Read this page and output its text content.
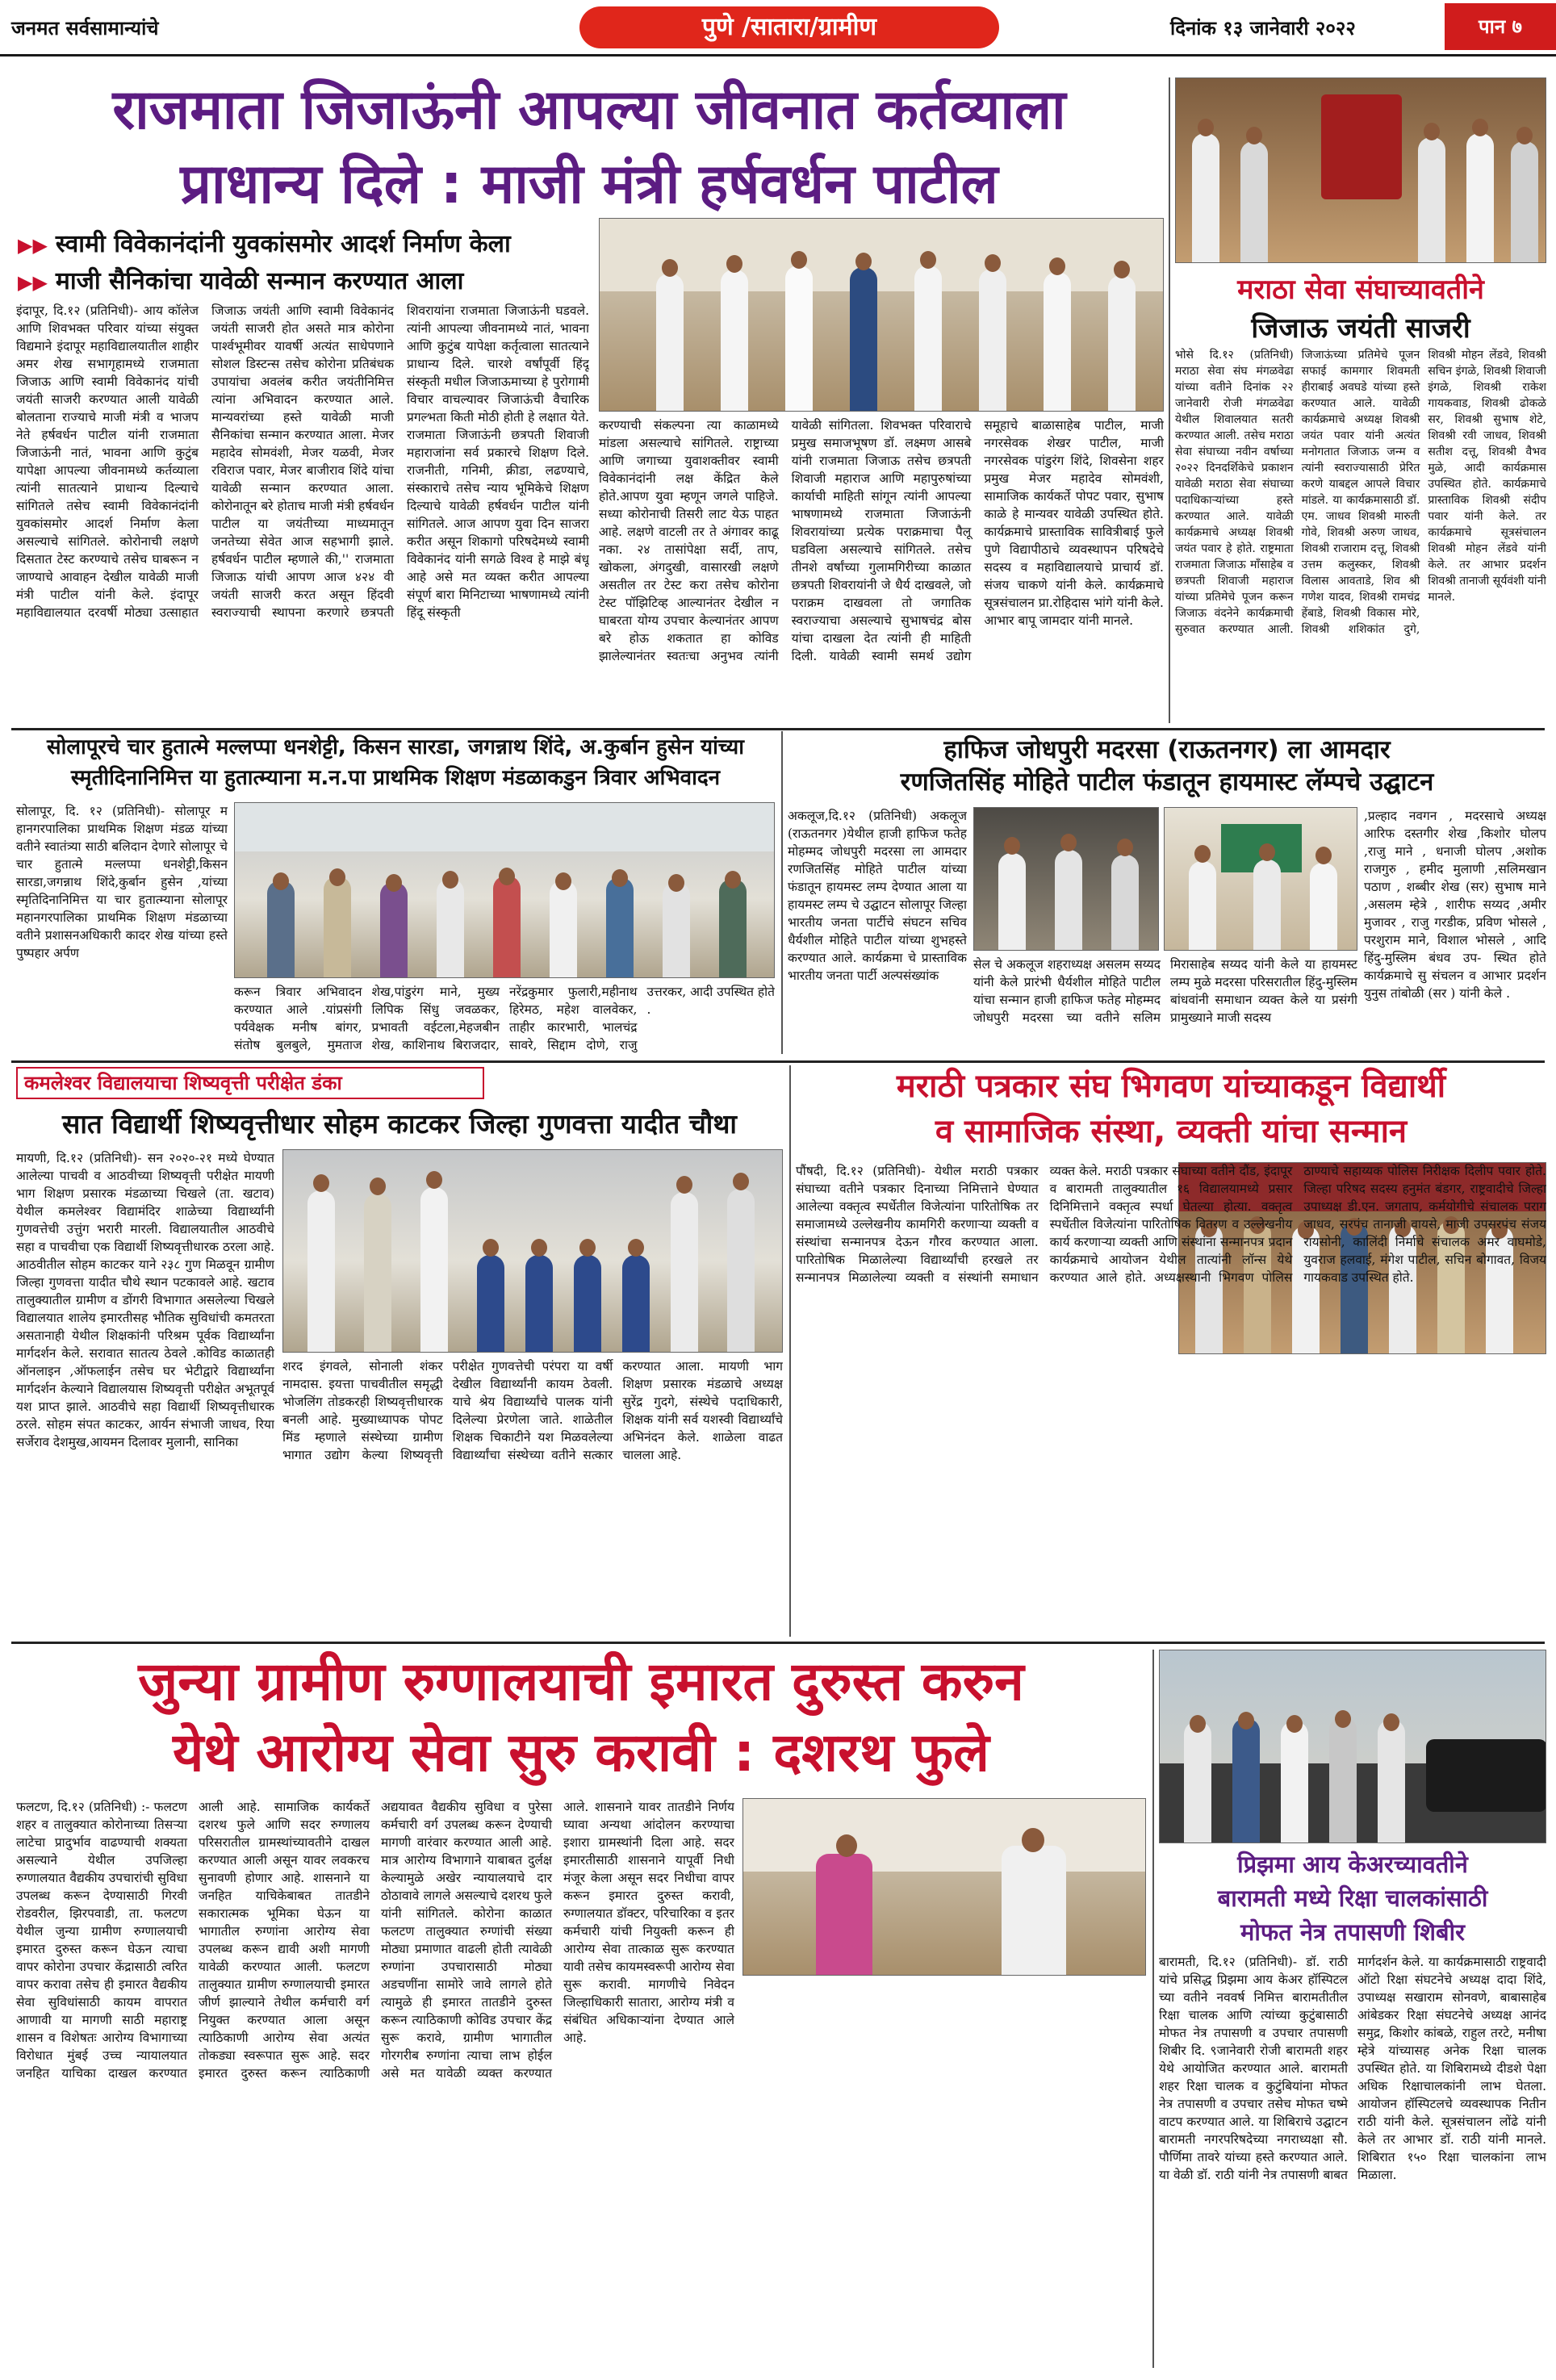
जनमत सर्वसामान्यांचे	पुणे /सातारा/ग्रामीण	दिनांक १३ जानेवारी २०२२	पान ७
राजमाता जिजाऊंनी आपल्या जीवनात कर्तव्याला
प्राधान्य दिले : माजी मंत्री हर्षवर्धन पाटील
▶▶ स्वामी विवेकानंदांनी युवकांसमोर आदर्श निर्माण केला
▶▶ माजी सैनिकांचा यावेळी सन्मान करण्यात आला
इंदापूर, दि.१२ (प्रतिनिधी)- आय कॉलेज आणि शिवभक्त परिवार यांच्या संयुक्त विद्यमाने इंदापूर महाविद्यालयातील शाहीर अमर शेख सभागृहामध्ये राजमाता जिजाऊ आणि स्वामी विवेकानंद यांची जयंती साजरी करण्यात आली यावेळी बोलताना राज्याचे माजी मंत्री व भाजप नेते हर्षवर्धन पाटील यांनी राजमाता जिजाऊंनी नातं, भावना आणि कुटुंब यापेक्षा आपल्या जीवनामध्ये कर्तव्याला त्यांनी सातत्याने प्राधान्य दिल्याचे सांगितले तसेच स्वामी विवेकानंदांनी युवकांसमोर आदर्श निर्माण केला असल्याचे सांगितले. कोरोनाची लक्षणे दिसतात टेस्ट करण्याचे तसेच घाबरून न जाण्याचे आवाहन देखील यावेळी माजी मंत्री पाटील यांनी केले. इंदापूर महाविद्यालयात दरवर्षी मोठ्या उत्साहात जिजाऊ जयंती आणि स्वामी विवेकानंद जयंती साजरी होत असते मात्र कोरोना पार्श्वभूमीवर यावर्षी अत्यंत साधेपणाने सोशल डिस्टन्स तसेच कोरोना प्रतिबंधक उपायांचा अवलंब करीत जयंतीनिमित्त त्यांना अभिवादन करण्यात आले. मान्यवरांच्या हस्ते यावेळी माजी सैनिकांचा सन्मान करण्यात आला. मेजर महादेव सोमवंशी, मेजर यळवी, मेजर रविराज पवार, मेजर बाजीराव शिंदे यांचा यावेळी सन्मान करण्यात आला. कोरोनातून बरे होताच माजी मंत्री हर्षवर्धन पाटील या जयंतीच्या माध्यमातून जनतेच्या सेवेत आज सहभागी झाले. हर्षवर्धन पाटील म्हणाले की,'' राजमाता जिजाऊ यांची आपण आज ४२४ वी जयंती साजरी करत असून हिंदवी स्वराज्याची स्थापना करणारे छत्रपती शिवरायांना राजमाता जिजाऊंनी घडवले. त्यांनी आपल्या जीवनामध्ये नातं, भावना आणि कुटुंब यापेक्षा कर्तृत्वाला सातत्याने प्राधान्य दिले. चारशे वर्षांपूर्वी हिंदू संस्कृती मधील जिजाऊमाच्या हे पुरोगामी विचार वाचल्यावर जिजाऊंची वैचारिक प्रगल्भता किती मोठी होती हे लक्षात येते. राजमाता जिजाऊंनी छत्रपती शिवाजी महाराजांना सर्व प्रकारचे शिक्षण दिले. राजनीती, गनिमी, क्रीडा, लढण्याचे, संस्काराचे तसेच न्याय भूमिकेचे शिक्षण दिल्याचे यावेळी हर्षवर्धन पाटील यांनी सांगितले. आज आपण युवा दिन साजरा करीत असून शिकागो परिषदेमध्ये स्वामी विवेकानंद यांनी सगळे विश्व हे माझे बंधू आहे असे मत व्यक्त करीत आपल्या संपूर्ण बारा मिनिटाच्या भाषणामध्ये त्यांनी हिंदू संस्कृती
करण्याची संकल्पना त्या काळामध्ये मांडला असल्याचे सांगितले. राष्ट्राच्या आणि जगाच्या युवाशक्तीवर स्वामी विवेकानंदांनी लक्ष केंद्रित केले होते.आपण युवा म्हणून जगले पाहिजे. सध्या कोरोनाची तिसरी लाट येऊ पाहत आहे. लक्षणे वाटली तर ते अंगावर काढू नका. २४ तासांपेक्षा सर्दी, ताप, खोकला, अंगदुखी, वासारखी लक्षणे असतील तर टेस्ट करा तसेच कोरोना टेस्ट पॉझिटिव्ह आल्यानंतर देखील न घाबरता योग्य उपचार केल्यानंतर आपण बरे होऊ शकतात हा कोविड झालेल्यानंतर स्वतःचा अनुभव त्यांनी यावेळी सांगितला. शिवभक्त परिवाराचे प्रमुख समाजभूषण डॉ. लक्ष्मण आसबे यांनी राजमाता जिजाऊ तसेच छत्रपती शिवाजी महाराज आणि महापुरुषांच्या कार्याची माहिती सांगून त्यांनी आपल्या भाषणामध्ये राजमाता जिजाऊंनी शिवरायांच्या प्रत्येक पराक्रमाचा पैलू घडविला असल्याचे सांगितले. तसेच तीनशे वर्षांच्या गुलामगिरीच्या काळात छत्रपती शिवरायांनी जे धैर्य दाखवले, जो पराक्रम दाखवला तो जगातिक स्वराज्याचा असल्याचे सुभाषचंद्र बोस यांचा दाखला देत त्यांनी ही माहिती दिली. यावेळी स्वामी समर्थ उद्योग समूहाचे बाळासाहेब पाटील, माजी नगरसेवक शेखर पाटील, माजी नगरसेवक पांडुरंग शिंदे, शिवसेना शहर प्रमुख मेजर महादेव सोमवंशी, सामाजिक कार्यकर्ते पोपट पवार, सुभाष काळे हे मान्यवर यावेळी उपस्थित होते. कार्यक्रमाचे प्रास्ताविक सावित्रीबाई फुले पुणे विद्यापीठाचे व्यवस्थापन परिषदेचे सदस्य व महाविद्यालयाचे प्राचार्य डॉ. संजय चाकणे यांनी केले. कार्यक्रमाचे सूत्रसंचालन प्रा.रोहिदास भांगे यांनी केले. आभार बापू जामदार यांनी मानले.
मराठा सेवा संघाच्यावतीने
जिजाऊ जयंती साजरी
भोसे दि.१२ (प्रतिनिधी) मराठा सेवा संघ मंगळवेढा यांच्या वतीने दिनांक २२ जानेवारी रोजी मंगळवेढा येथील शिवालयात सतरी करण्यात आली. तसेच मराठा सेवा संघाच्या नवीन वर्षाच्या २०२२ दिनदर्शिकेचे प्रकाशन यावेळी मराठा सेवा संघाच्या पदाधिकाऱ्यांच्या हस्ते करण्यात आले. यावेळी कार्यक्रमाचे अध्यक्ष शिवश्री जयंत पवार हे होते. राष्ट्रमाता राजमाता जिजाऊ माँसाहेब व छत्रपती शिवाजी महाराज यांच्या प्रतिमेचे पूजन करून जिजाऊ वंदनेने कार्यक्रमाची सुरुवात करण्यात आली. जिजाऊंच्या प्रतिमेचे पूजन सफाई कामगार शिवमती हीराबाई अवघडे यांच्या हस्ते करण्यात आले. यावेळी कार्यक्रमाचे अध्यक्ष शिवश्री जयंत पवार यांनी अत्यंत मनोगतात जिजाऊ जन्म व त्यांनी स्वराज्यासाठी प्रेरित करणे याबद्दल आपले विचार मांडले. या कार्यक्रमासाठी डॉ. एम. जाधव शिवश्री मारुती गोवे, शिवश्री अरुण जाधव, शिवश्री राजाराम दत्तू, शिवश्री उत्तम कलुस्कर, शिवश्री विलास आवताडे, शिव श्री गणेश यादव, शिवश्री रामचंद्र हेंबाडे, शिवश्री विकास मोरे, शिवश्री शशिकांत दुगे, शिवश्री मोहन लेंडवे, शिवश्री सचिन इंगळे, शिवश्री शिवाजी इंगळे, शिवश्री राकेश गायकवाड, शिवश्री ढोकळे सर, शिवश्री सुभाष शेटे, शिवश्री रवी जाधव, शिवश्री सतीश दत्तू, शिवश्री वैभव मुळे, आदी कार्यक्रमास उपस्थित होते. कार्यक्रमाचे प्रास्ताविक शिवश्री संदीप पवार यांनी केले. तर कार्यक्रमाचे सूत्रसंचालन शिवश्री मोहन लेंडवे यांनी केले. तर आभार प्रदर्शन शिवश्री तानाजी सूर्यवंशी यांनी मानले.
सोलापूरचे चार हुतात्मे मल्लप्पा धनशेट्टी, किसन सारडा, जगन्नाथ शिंदे, अ.कुर्बान हुसेन यांच्या
स्मृतीदिनानिमित्त या हुतात्म्याना म.न.पा प्राथमिक शिक्षण मंडळाकडुन त्रिवार अभिवादन
सोलापूर, दि. १२ (प्रतिनिधी)- सोलापूर म हानगरपालिका प्राथमिक शिक्षण मंडळ यांच्या वतीने स्वातंत्र्या साठी बलिदान देणारे सोलापूर चे चार हुतात्मे मल्लप्पा धनशेट्टी,किसन सारडा,जगन्नाथ शिंदे,कुर्बान हुसेन ,यांच्या स्मृतिदिनानिमित्त या चार हुतात्म्याना सोलापूर महानगरपालिका प्राथमिक शिक्षण मंडळाच्या वतीने प्रशासनअधिकारी कादर शेख यांच्या हस्ते पुष्पहार अर्पण
करून त्रिवार अभिवादन करण्यात आले .यांप्रसंगी पर्यवेक्षक मनीष बांगर, संतोष बुलबुले, मुमताज शेख,पांडुरंग माने, मुख्य लिपिक सिंधु जवळकर, प्रभावती वईटला,मेहजबीन शेख, काशिनाथ बिराजदार, नरेंद्रकुमार फुलारी,महीनाथ हिरेमठ, महेश वालवेकर, ताहीर कारभारी, भालचंद्र सावरे, सिद्दाम दोणे, राजु उत्तरकर, आदी उपस्थित होते .
हाफिज जोधपुरी मदरसा (राऊतनगर) ला आमदार
रणजितसिंह मोहिते पाटील फंडातून हायमास्ट लॅम्पचे उद्घाटन
अकलूज,दि.१२ (प्रतिनिधी) अकलूज (राऊतनगर )येथील हाजी हाफिज फतेह मोहम्मद जोधपुरी मदरसा ला आमदार रणजितसिंह मोहिते पाटील यांच्या फंडातून हायमस्ट लम्प देण्यात आला या हायमस्ट लम्प चे उद्घाटन सोलापूर जिल्हा भारतीय जनता पार्टीचे संघटन सचिव धैर्यशील मोहिते पाटील यांच्या शुभहस्ते करण्यात आले. कार्यक्रमा चे प्रास्ताविक भारतीय जनता पार्टी अल्पसंख्यांक
सेल चे अकलूज शहराध्यक्ष असलम सय्यद यांनी केले प्रारंभी धैर्यशील मोहिते पाटील यांचा सन्मान हाजी हाफिज फतेह मोहम्मद जोधपुरी मदरसा च्या वतीने सलिम मिरासाहेब सय्यद यांनी केले या हायमस्ट लम्प मुळे मदरसा परिसरातील हिंदु-मुस्लिम बांधवांनी समाधान व्यक्त केले या प्रसंगी प्रामुख्याने माजी सदस्य
,प्रल्हाद नवगन , मदरसाचे अध्यक्ष आरिफ दस्तगीर शेख ,किशोर घोलप ,राजु माने , धनाजी घोलप ,अशोक राजगुरु , हमीद मुलाणी ,सलिमखान पठाण , शब्बीर शेख (सर) सुभाष माने ,असलम म्हेत्रे , शारीफ सय्यद ,अमीर मुजावर , राजु गरडीक, प्रविण भोसले , परशुराम माने, विशाल भोसले , आदि हिंदु-मुस्लिम बंधव उप- स्थित होते कार्यक्रमाचे सु संचलन व आभार प्रदर्शन युनुस तांबोळी (सर ) यांनी केले .
कमलेश्वर विद्यालयाचा शिष्यवृत्ती परीक्षेत डंका
सात विद्यार्थी शिष्यवृत्तीधार सोहम काटकर जिल्हा गुणवत्ता यादीत चौथा
मायणी, दि.१२ (प्रतिनिधी)- सन २०२०-२१ मध्ये घेण्यात आलेल्या पाचवी व आठवीच्या शिष्यवृत्ती परीक्षेत मायणी भाग शिक्षण प्रसारक मंडळाच्या चिखले (ता. खटाव) येथील कमलेश्वर विद्यामंदिर शाळेच्या विद्यार्थ्यांनी गुणवत्तेची उत्तुंग भरारी मारली. विद्यालयातील आठवीचे सहा व पाचवीचा एक विद्यार्थी शिष्यवृत्तीधारक ठरला आहे. आठवीतील सोहम काटकर याने २३८ गुण मिळवून ग्रामीण जिल्हा गुणवत्ता यादीत चौथे स्थान पटकावले आहे. खटाव तालुक्यातील ग्रामीण व डोंगरी विभागात असलेल्या चिखले विद्यालयात शालेय इमारतीसह भौतिक सुविधांची कमतरता असतानाही येथील शिक्षकांनी परिश्रम पूर्वक विद्यार्थ्यांना मार्गदर्शन केले. सरावात सातत्य ठेवले .कोविड काळातही ऑनलाइन ,ऑफलाईन तसेच घर भेटीद्वारे विद्यार्थ्यांना मार्गदर्शन केल्याने विद्यालयास शिष्यवृत्ती परीक्षेत अभूतपूर्व यश प्राप्त झाले. आठवीचे सहा विद्यार्थी शिष्यवृत्तीधारक ठरले. सोहम संपत काटकर, आर्यन संभाजी जाधव, रिया सर्जेराव देशमुख,आयमन दिलावर मुलानी, सानिका
शरद इंगवले, सोनाली शंकर नामदास. इयत्ता पाचवीतील समृद्धी भोजलिंग तोडकरही शिष्यवृत्तीधारक बनली आहे. मुख्याध्यापक पोपट मिंड म्हणाले संस्थेच्या ग्रामीण भागात उद्योग केल्या शिष्यवृत्ती परीक्षेत गुणवत्तेची परंपरा या वर्षी देखील विद्यार्थ्यांनी कायम ठेवली. याचे श्रेय विद्यार्थ्यांचे पालक यांनी दिलेल्या प्रेरणेला जाते. शाळेतील शिक्षक चिकाटीने यश मिळवलेल्या विद्यार्थ्यांचा संस्थेच्या वतीने सत्कार करण्यात आला. मायणी भाग शिक्षण प्रसारक मंडळाचे अध्यक्ष सुरेंद्र गुदगे, संस्थेचे पदाधिकारी, शिक्षक यांनी सर्व यशस्वी विद्यार्थ्यांचे अभिनंदन केले. शाळेला वाढत चालला आहे.
मराठी पत्रकार संघ भिगवण यांच्याकडून विद्यार्थी
व सामाजिक संस्था, व्यक्ती यांचा सन्मान
पौंषदी, दि.१२ (प्रतिनिधी)- येथील मराठी पत्रकार संघाच्या वतीने पत्रकार दिनाच्या निमित्ताने घेण्यात आलेल्या वक्तृत्व स्पर्धेतील विजेत्यांना पारितोषिक तर समाजामध्ये उल्लेखनीय कामगिरी करणाऱ्या व्यक्ती व संस्थांचा सन्मानपत्र देऊन गौरव करण्यात आला. पारितोषिक मिळालेल्या विद्यार्थ्यांची हरखले तर सन्मानपत्र मिळालेल्या व्यक्ती व संस्थांनी समाधान व्यक्त केले. मराठी पत्रकार संघाच्या वतीने दौंड, इंदापूर व बारामती तालुक्यातील १६ विद्यालयामध्ये प्रसार दिनिमित्ताने वक्तृत्व स्पर्धा घेतल्या होत्या. वक्तृत्व स्पर्धेतील विजेत्यांना पारितोषिक वितरण व उल्लेखनीय कार्य करणाऱ्या व्यक्ती आणि संस्थांना सन्मानपत्र प्रदान कार्यक्रमाचे आयोजन येथील तात्यांनी लॉन्स येथे करण्यात आले होते. अध्यक्षस्थानी भिगवण पोलिस ठाण्याचे सहाय्यक पोलिस निरीक्षक दिलीप पवार होते. जिल्हा परिषद सदस्य हनुमंत बंडगर, राष्ट्रवादीचे जिल्हा उपाध्यक्ष डी.एन. जगताप, कर्मयोगीचे संचालक पराग जाधव, सरपंच तानाजी वायसे, माजी उपसरपंच संजय रायसोनी, कालिंदी निर्माचे संचालक अमर वाघमोडे, युवराज हलवाई, मंगेश पाटील, सचिन बोगावत, विजय गायकवाड उपस्थित होते.
जुन्या ग्रामीण रुग्णालयाची इमारत दुरुस्त करुन
येथे आरोग्य सेवा सुरु करावी : दशरथ फुले
फलटण, दि.१२ (प्रतिनिधी) :- फलटण शहर व तालुक्यात कोरोनाच्या तिसऱ्या लाटेचा प्रादुर्भाव वाढण्याची शक्यता असल्याने येथील उपजिल्हा रुग्णालयात वैद्यकीय उपचारांची सुविधा उपलब्ध करून देण्यासाठी गिरवी रोडवरील, झिरपवाडी, ता. फलटण येथील जुन्या ग्रामीण रुग्णालयाची इमारत दुरुस्त करून घेऊन त्याचा वापर कोरोना उपचार केंद्रासाठी त्वरित वापर करावा तसेच ही इमारत वैद्यकीय सेवा सुविधांसाठी कायम वापरात आणावी या मागणी साठी महाराष्ट्र शासन व विशेषतः आरोग्य विभागाच्या विरोधात मुंबई उच्च न्यायालयात जनहित याचिका दाखल करण्यात आली आहे. सामाजिक कार्यकर्ते दशरथ फुले आणि सदर रुग्णालय परिसरातील ग्रामस्थांच्यावतीने दाखल करण्यात आली असून यावर लवकरच सुनावणी होणार आहे. शासनाने या जनहित याचिकेबाबत तातडीने सकारात्मक भूमिका घेऊन या भागातील रुग्णांना आरोग्य सेवा उपलब्ध करून द्यावी अशी मागणी यावेळी करण्यात आली. फलटण तालुक्यात ग्रामीण रुग्णालयाची इमारत जीर्ण झाल्याने तेथील कर्मचारी वर्ग नियुक्त करण्यात आला असून त्याठिकाणी आरोग्य सेवा अत्यंत तोकड्या स्वरूपात सुरू आहे. सदर इमारत दुरुस्त करून त्याठिकाणी अद्ययावत वैद्यकीय सुविधा व पुरेसा कर्मचारी वर्ग उपलब्ध करून देण्याची मागणी वारंवार करण्यात आली आहे. मात्र आरोग्य विभागाने याबाबत दुर्लक्ष केल्यामुळे अखेर न्यायालयाचे दार ठोठावावे लागले असल्याचे दशरथ फुले यांनी सांगितले. कोरोना काळात फलटण तालुक्यात रुग्णांची संख्या मोठ्या प्रमाणात वाढली होती त्यावेळी रुग्णांना उपचारासाठी मोठ्या अडचणींना सामोरे जावे लागले होते त्यामुळे ही इमारत तातडीने दुरुस्त करून त्याठिकाणी कोविड उपचार केंद्र सुरू करावे, ग्रामीण भागातील गोरगरीब रुग्णांना त्याचा लाभ होईल असे मत यावेळी व्यक्त करण्यात आले. शासनाने यावर तातडीने निर्णय घ्यावा अन्यथा आंदोलन करण्याचा इशारा ग्रामस्थांनी दिला आहे. सदर इमारतीसाठी शासनाने यापूर्वी निधी मंजूर केला असून सदर निधीचा वापर करून इमारत दुरुस्त करावी, रुग्णालयात डॉक्टर, परिचारिका व इतर कर्मचारी यांची नियुक्ती करून ही आरोग्य सेवा तात्काळ सुरू करण्यात यावी तसेच कायमस्वरूपी आरोग्य सेवा सुरू करावी. मागणीचे निवेदन जिल्हाधिकारी सातारा, आरोग्य मंत्री व संबंधित अधिकाऱ्यांना देण्यात आले आहे.
प्रिझमा आय केअरच्यावतीने
बारामती मध्ये रिक्षा चालकांसाठी
मोफत नेत्र तपासणी शिबीर
बारामती, दि.१२ (प्रतिनिधी)- डॉ. राठी यांचे प्रसिद्ध प्रिझमा आय केअर हॉस्पिटल च्या वतीने नववर्ष निमित्त बारामतीतील रिक्षा चालक आणि त्यांच्या कुटुंबासाठी मोफत नेत्र तपासणी व उपचार तपासणी शिबीर दि. ९जानेवारी रोजी बारामती शहर येथे आयोजित करण्यात आले. बारामती शहर रिक्षा चालक व कुटुंबियांना मोफत नेत्र तपासणी व उपचार तसेच मोफत चष्मे वाटप करण्यात आले. या शिबिराचे उद्घाटन बारामती नगरपरिषदेच्या नगराध्यक्षा सौ. पौर्णिमा तावरे यांच्या हस्ते करण्यात आले. या वेळी डॉ. राठी यांनी नेत्र तपासणी बाबत मार्गदर्शन केले. या कार्यक्रमासाठी राष्ट्रवादी ऑटो रिक्षा संघटनेचे अध्यक्ष दादा शिंदे, उपाध्यक्ष सखाराम सोनवणे, बाबासाहेब आंबेडकर रिक्षा संघटनेचे अध्यक्ष आनंद समुद्र, किशोर कांबळे, राहुल तरटे, मनीषा म्हेत्रे यांच्यासह अनेक रिक्षा चालक उपस्थित होते. या शिबिरामध्ये दीडशे पेक्षा अधिक रिक्षाचालकांनी लाभ घेतला. आयोजन हॉस्पिटलचे व्यवस्थापक नितीन राठी यांनी केले. सूत्रसंचालन लोंढे यांनी केले तर आभार डॉ. राठी यांनी मानले. शिबिरात १५० रिक्षा चालकांना लाभ मिळाला.
